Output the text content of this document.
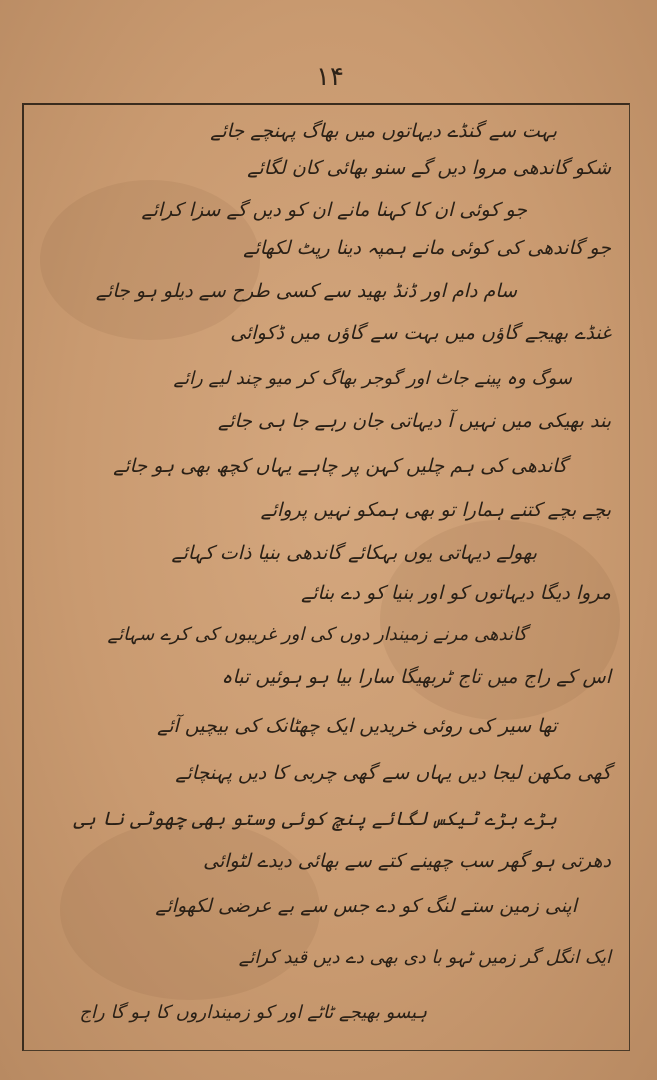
۱۴
بہت سے گنڈے دیہاتوں میں بھاگ پہنچے جائے
شکو گاندھی مروا دیں گے سنو بھائی کان لگائے
جو کوئی ان کا کہنا مانے ان کو دیں گے سزا کرائے
جو گاندھی کی کوئی مانے ہمپہ دینا رپٹ لکھائے
سام دام اور ڈنڈ بھید سے کسی طرح سے دیلو ہو جائے
غنڈے بھیجے گاؤں میں بہت سے گاؤں میں ڈکوائی
سوگ وہ پینے جاٹ اور گوجر بھاگ کر میو چند لیے رائے
بند بھیکی میں نہیں آ دیہاتی جان رہے جا ہی جائے
گاندھی کی ہم چلیں کہن پر چاہے یہاں کچھ بھی ہو جائے
بچے بچے کتنے ہمارا تو بھی ہمکو نہیں پروائے
بھولے دیہاتی یوں بہکائے گاندھی بنیا ذات کہائے
مروا دیگا دیہاتوں کو اور بنیا کو دے بنائے
گاندھی مرنے زمیندار دوں کی اور غریبوں کی کرے سہائے
اس کے راج میں تاج ٹربھیگا سارا بیا ہو ہوئیں تباہ
تھا سیر کی روئی خریدیں ایک چھٹانک کی بیچیں آئے
گھی مکھن لیجا دیں یہاں سے گھی چربی کا دیں پہنچائے
بڑے بڑے ٹیکس لگائے پنچ کوئی وستو بھی چھوٹی نا ہی
دھرتی ہو گھر سب چھینے کتے سے بھائی دیدے لٹوائی
اپنی زمین ستے لنگ کو دے جس سے بے عرضی لکھوائے
ایک انگل گر زمیں ٹہو با دی بھی دے دیں قید کرائے
ہیسو بھیجے ٹاٹے اور کو زمینداروں کا ہو گا راج
